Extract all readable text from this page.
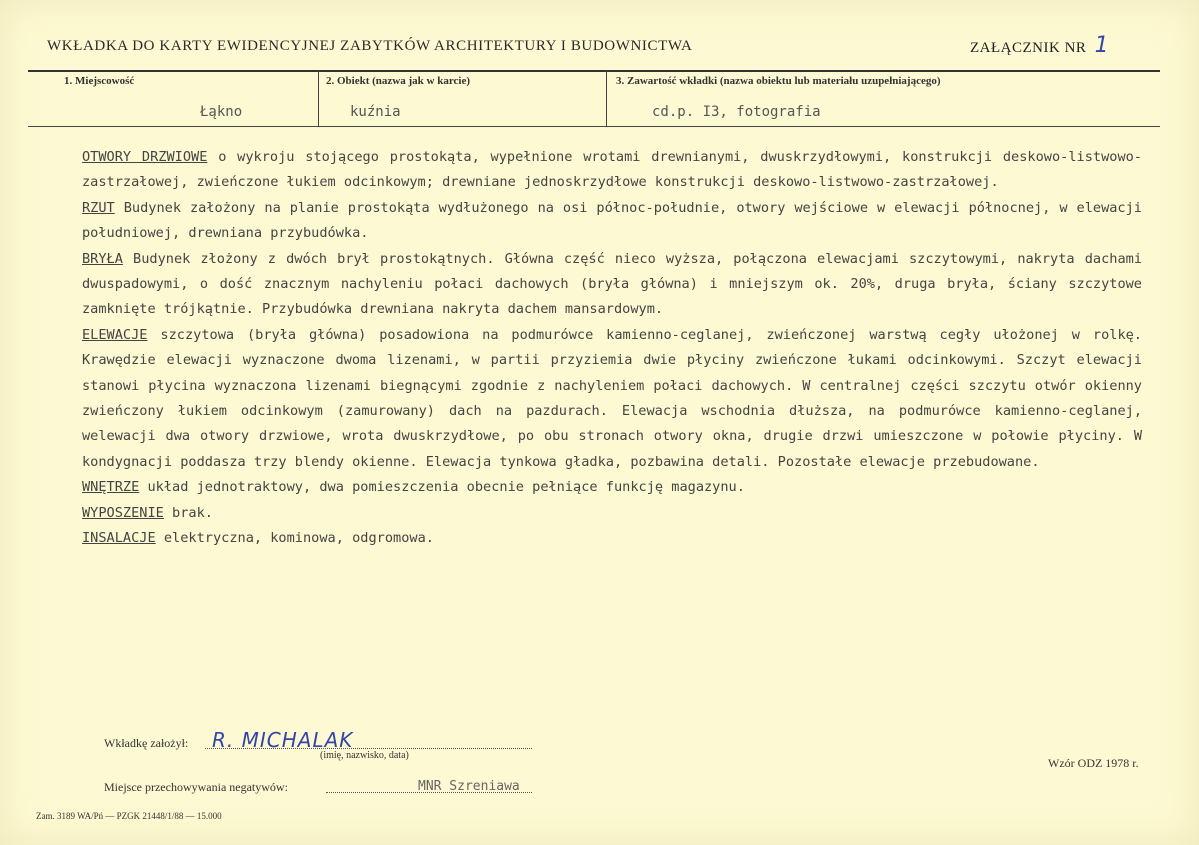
WKŁADKA DO KARTY EWIDENCYJNEJ ZABYTKÓW ARCHITEKTURY I BUDOWNICTWA	ZAŁĄCZNIK NR 1
1. Miejscowość
Łąkno
2. Obiekt (nazwa jak w karcie)
kuźnia
3. Zawartość wkładki (nazwa obiektu lub materiału uzupełniającego)
cd.p. I3, fotografia

OTWORY DRZWIOWE o wykroju stojącego prostokąta, wypełnione wrotami drewnianymi, dwuskrzydłowymi, konstrukcji deskowo-listwowo-zastrzałowej, zwieńczone łukiem odcinkowym; drewniane jednoskrzydłowe konstrukcji deskowo-listwowo-zastrzałowej.

RZUT Budynek założony na planie prostokąta wydłużonego na osi północ-południe, otwory wejściowe w elewacji północnej, w elewacji południowej, drewniana przybudówka.

BRYŁA Budynek złożony z dwóch brył prostokątnych. Główna część nieco wyższa, połączona elewacjami szczytowymi, nakryta dachami dwuspadowymi, o dość znacznym nachyleniu połaci dachowych (bryła główna) i mniejszym ok. 20%, druga bryła, ściany szczytowe zamknięte trójkątnie. Przybudówka drewniana nakryta dachem mansardowym.

ELEWACJE szczytowa (bryła główna) posadowiona na podmurówce kamienno-ceglanej, zwieńczonej warstwą cegły ułożonej w rolkę. Krawędzie elewacji wyznaczone dwoma lizenami, w partii przyziemia dwie płyciny zwieńczone łukami odcinkowymi. Szczyt elewacji stanowi płycina wyznaczona lizenami biegnącymi zgodnie z nachyleniem połaci dachowych. W centralnej części szczytu otwór okienny zwieńczony łukiem odcinkowym (zamurowany) dach na pazdurach. Elewacja wschodnia dłuższa, na podmurówce kamienno-ceglanej, welewacji dwa otwory drzwiowe, wrota dwuskrzydłowe, po obu stronach otwory okna, drugie drzwi umieszczone w połowie płyciny. W kondygnacji poddasza trzy blendy okienne. Elewacja tynkowa gładka, pozbawina detali. Pozostałe elewacje przebudowane.

WNĘTRZE układ jednotraktowy, dwa pomieszczenia obecnie pełniące funkcję magazynu.

WYPOSZENIE brak.

INSALACJE elektryczna, kominowa, odgromowa.

Wkładkę założył: R. MICHALAK
(imię, nazwisko, data)
Miejsce przechowywania negatywów:	MNR Szreniawa
Wzór ODZ 1978 r.
Zam. 3189 WA/Pń — PZGK 21448/1/88 — 15.000
